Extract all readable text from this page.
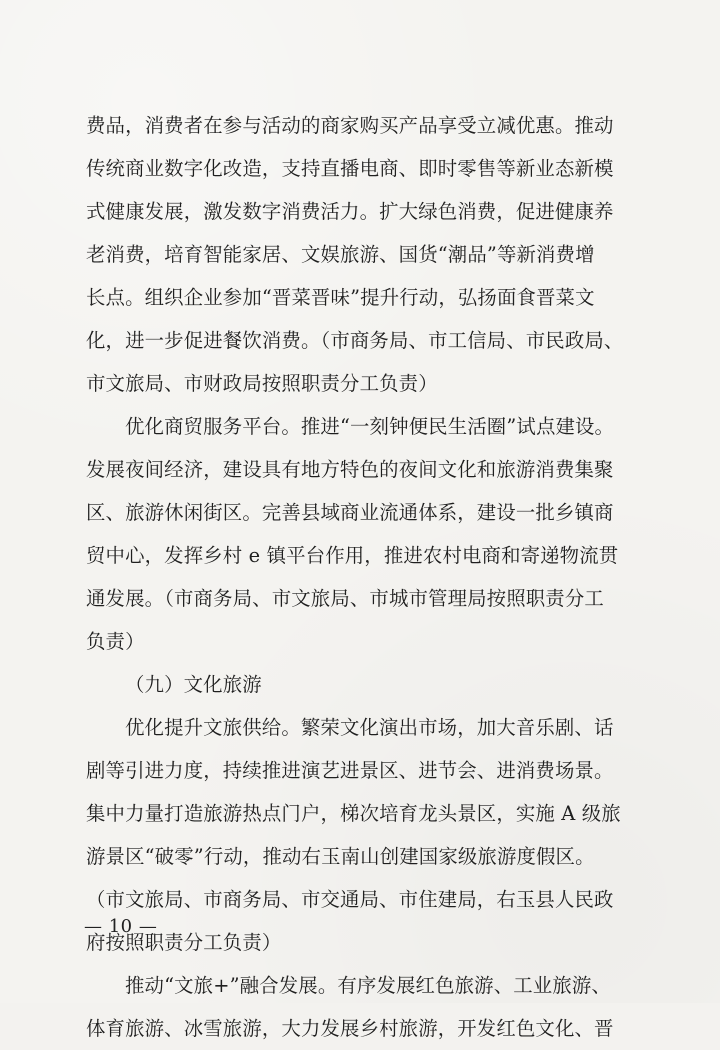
费品，消费者在参与活动的商家购买产品享受立减优惠。推动
传统商业数字化改造，支持直播电商、即时零售等新业态新模
式健康发展，激发数字消费活力。扩大绿色消费，促进健康养
老消费，培育智能家居、文娱旅游、国货“潮品”等新消费增
长点。组织企业参加“晋菜晋味”提升行动，弘扬面食晋菜文
化，进一步促进餐饮消费。（市商务局、市工信局、市民政局、
市文旅局、市财政局按照职责分工负责）
优化商贸服务平台。推进“一刻钟便民生活圈”试点建设。
发展夜间经济，建设具有地方特色的夜间文化和旅游消费集聚
区、旅游休闲街区。完善县域商业流通体系，建设一批乡镇商
贸中心，发挥乡村 e 镇平台作用，推进农村电商和寄递物流贯
通发展。（市商务局、市文旅局、市城市管理局按照职责分工
负责）
（九）文化旅游
优化提升文旅供给。繁荣文化演出市场，加大音乐剧、话
剧等引进力度，持续推进演艺进景区、进节会、进消费场景。
集中力量打造旅游热点门户，梯次培育龙头景区，实施 A 级旅
游景区“破零”行动，推动右玉南山创建国家级旅游度假区。
（市文旅局、市商务局、市交通局、市住建局，右玉县人民政
府按照职责分工负责）
推动“文旅+”融合发展。有序发展红色旅游、工业旅游、
体育旅游、冰雪旅游，大力发展乡村旅游，开发红色文化、晋
— 10 —
